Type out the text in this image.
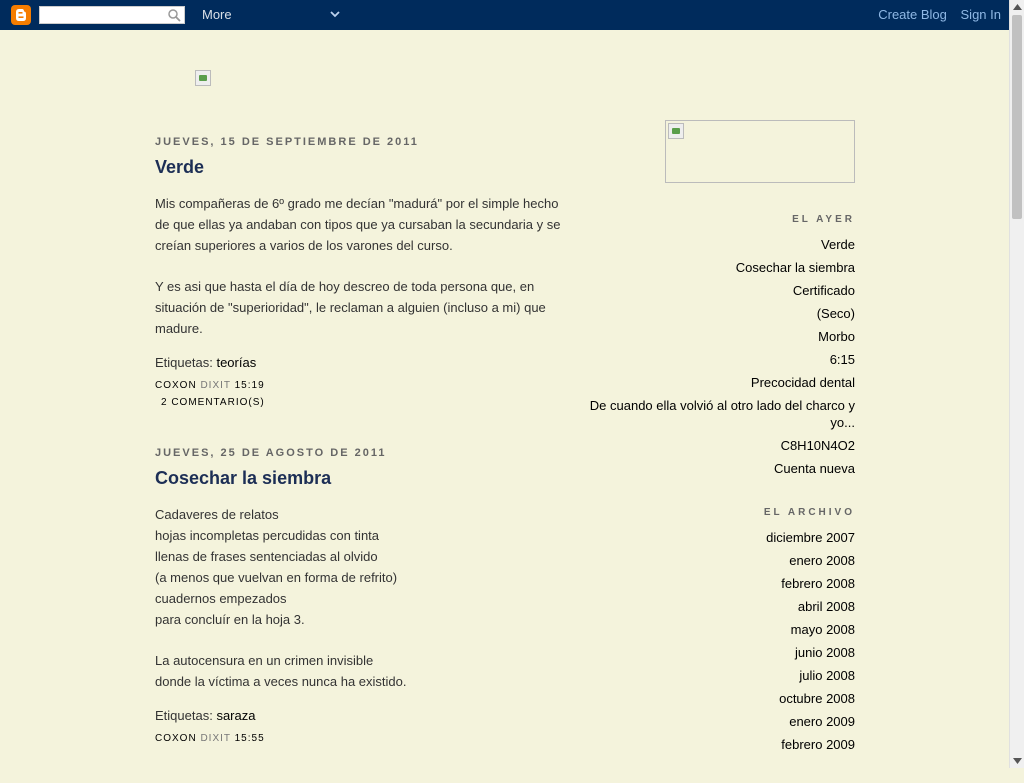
More	Create Blog Sign In
JUEVES, 15 DE SEPTIEMBRE DE 2011
Verde

Mis compañeras de 6º grado me decían "madurá" por el simple hecho

de que ellas ya andaban con tipos que ya cursaban la secundaria y se

creían superiores a varios de los varones del curso.

Y es asi que hasta el día de hoy descreo de toda persona que, en

situación de "superioridad", le reclaman a alguien (incluso a mi) que

madure.

Etiquetas: teorías
COXON DIXIT 15:19
2 COMENTARIO(S)
JUEVES, 25 DE AGOSTO DE 2011
Cosechar la siembra

Cadaveres de relatos

hojas incompletas percudidas con tinta

llenas de frases sentenciadas al olvido

(a menos que vuelvan en forma de refrito)

cuadernos empezados

para concluír en la hoja 3.

La autocensura en un crimen invisible

donde la víctima a veces nunca ha existido.

Etiquetas: saraza
COXON DIXIT 15:55
EL AYER
Verde
Cosechar la siembra
Certificado
(Seco)
Morbo
6:15
Precocidad dental
De cuando ella volvió al otro lado del charco y yo...
C8H10N4O2
Cuenta nueva
EL ARCHIVO
diciembre 2007
enero 2008
febrero 2008
abril 2008
mayo 2008
junio 2008
julio 2008
octubre 2008
enero 2009
febrero 2009
